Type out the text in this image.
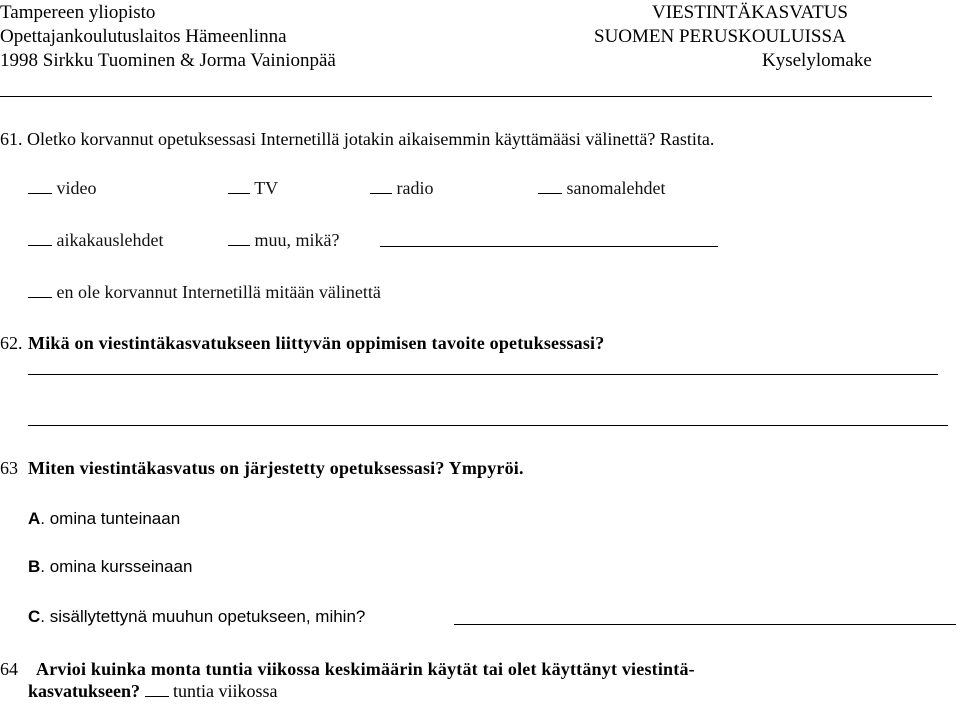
Tampereen yliopisto
Opettajankoulutuslaitos Hämeenlinna
1998 Sirkku Tuominen & Jorma Vainionpää
VIESTINTÄKASVATUS
SUOMEN PERUSKOULUISSA
Kyselylomake
61. Oletko korvannut opetuksessasi Internetillä jotakin aikaisemmin käyttämääsi välinettä? Rastita.
video	TV	radio	sanomalehdet
aikakauslehdet	muu, mikä?
en ole korvannut Internetillä mitään välinettä
62. Mikä on viestintäkasvatukseen liittyvän oppimisen tavoite opetuksessasi?
63 Miten viestintäkasvatus on järjestetty opetuksessasi? Ympyröi.
A. omina tunteinaan
B. omina kursseinaan
C. sisällytettynä muuhun opetukseen, mihin?
64 Arvioi kuinka monta tuntia viikossa keskimäärin käytät tai olet käyttänyt viestintä-
kasvatukseen? tuntia viikossa
